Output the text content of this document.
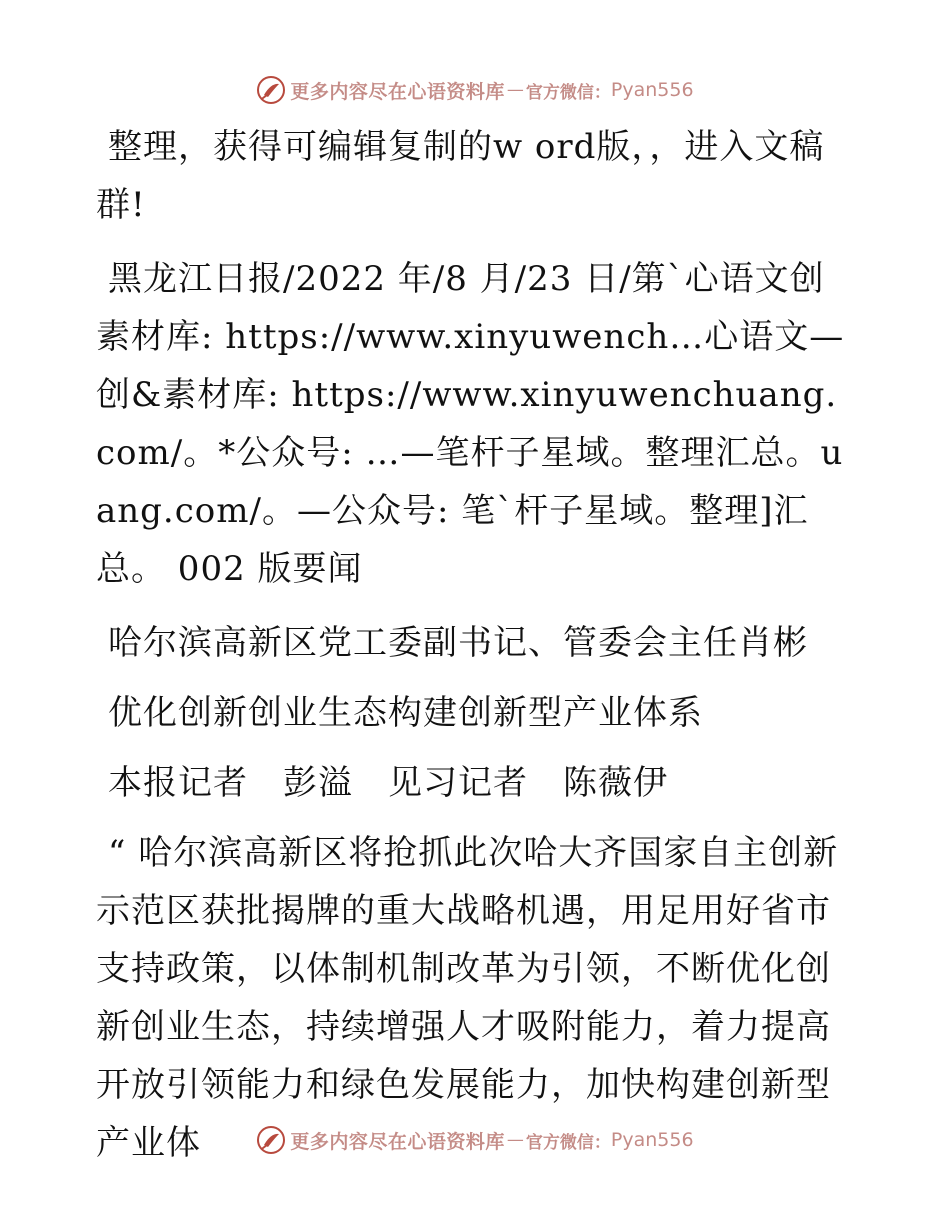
更多内容尽在心语资料库 — 官方微信： Pyan556

整理，获得可编辑复制的w ord版，，进入文稿群!

黑龙江日报/2022 年/8 月/23 日/第`心语文创素材库: https://www.xinyuwench…心语文—创&素材库: https://www.xinyuwenchuang.com/。*公众号: …—笔杆子星域。整理汇总。uang.com/。—公众号: 笔`杆子星域。整理]汇总。 002 版要闻

哈尔滨高新区党工委副书记、管委会主任肖彬

优化创新创业生态构建创新型产业体系

本报记者　彭溢　见习记者　陈薇伊

“ 哈尔滨高新区将抢抓此次哈大齐国家自主创新示范区获批揭牌的重大战略机遇，用足用好省市支持政策，以体制机制改革为引领，不断优化创新创业生态，持续增强人才吸附能力，着力提高开放引领能力和绿色发展能力，加快构建创新型产业体	更多内容尽在心语资料库 — 官方微信： Pyan556
